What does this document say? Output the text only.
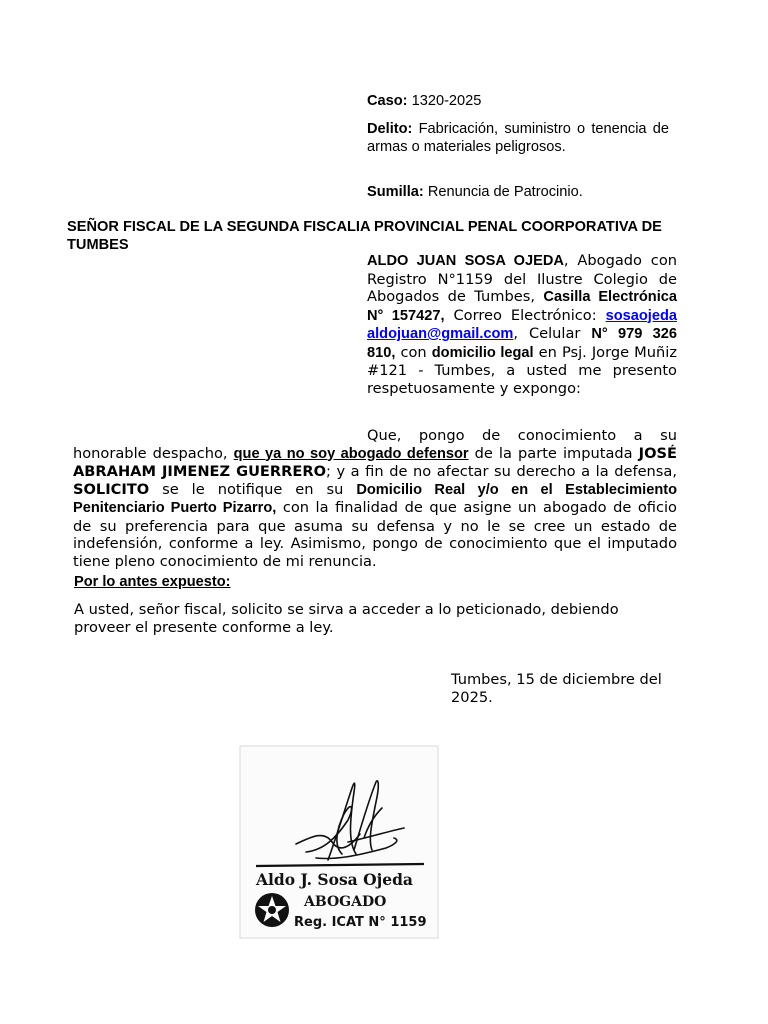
Caso: 1320-2025
Delito: Fabricación, suministro o tenencia de armas o materiales peligrosos.
Sumilla: Renuncia de Patrocinio.
SEÑOR FISCAL DE LA SEGUNDA FISCALIA PROVINCIAL PENAL COORPORATIVA DE TUMBES
ALDO JUAN SOSA OJEDA, Abogado con Registro N°1159 del Ilustre Colegio de Abogados de Tumbes, Casilla Electrónica N° 157427, Correo Electrónico: sosaojeda aldojuan@gmail.com, Celular N° 979 326 810, con domicilio legal en Psj. Jorge Muñiz #121 - Tumbes, a usted me presento respetuosamente y expongo:
Que, pongo de conocimiento a su honorable despacho, que ya no soy abogado defensor de la parte imputada JOSÉ ABRAHAM JIMENEZ GUERRERO; y a fin de no afectar su derecho a la defensa, SOLICITO se le notifique en su Domicilio Real y/o en el Establecimiento Penitenciario Puerto Pizarro, con la finalidad de que asigne un abogado de oficio de su preferencia para que asuma su defensa y no le se cree un estado de indefensión, conforme a ley. Asimismo, pongo de conocimiento que el imputado tiene pleno conocimiento de mi renuncia.
Por lo antes expuesto:
A usted, señor fiscal, solicito se sirva a acceder a lo peticionado, debiendo proveer el presente conforme a ley.
Tumbes, 15 de diciembre del 2025.
Aldo J. Sosa Ojeda
ABOGADO
Reg. ICAT N° 1159
